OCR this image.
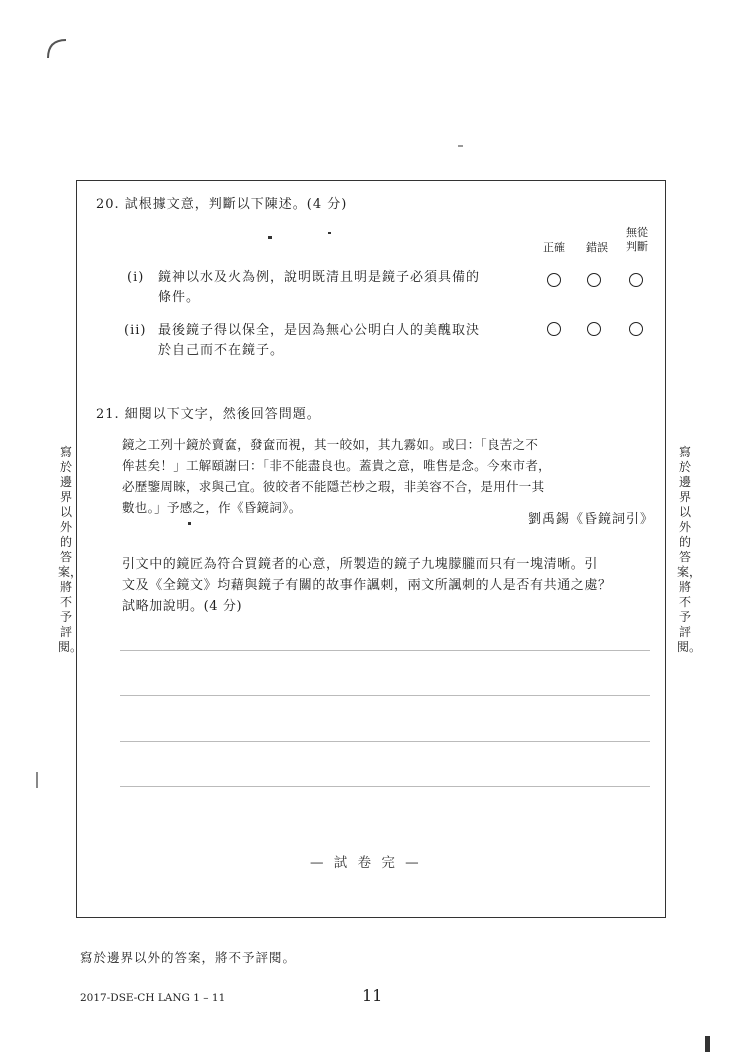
20. 試根據文意，判斷以下陳述。(4 分)
正確	錯誤
無從
判斷
(i) 鏡神以水及火為例，說明既清且明是鏡子必須具備的
條件。
(ii) 最後鏡子得以保全，是因為無心公明白人的美醜取決
於自己而不在鏡子。
21. 細閱以下文字，然後回答問題。
鏡之工列十鏡於賣奩，發奩而視，其一皎如，其九霧如。或曰：「良苦之不
侔甚矣！」工解頤謝曰：「非不能盡良也。蓋貴之意，唯售是念。今來市者，
必歷鑒周睞，求與己宜。彼皎者不能隱芒杪之瑕，非美容不合，是用什一其
數也。」予感之，作《昏鏡詞》。
劉禹錫《昏鏡詞引》
引文中的鏡匠為符合買鏡者的心意，所製造的鏡子九塊朦朧而只有一塊清晰。引
文及《全鏡文》均藉與鏡子有關的故事作諷刺，兩文所諷刺的人是否有共通之處？
試略加說明。(4 分)
— 試 卷 完 —
寫於邊界以外的答案，將不予評閱。
寫於邊界以外的答案，將不予評閱。
寫於邊界以外的答案，將不予評閱。
2017-DSE-CH LANG 1 – 11	11
